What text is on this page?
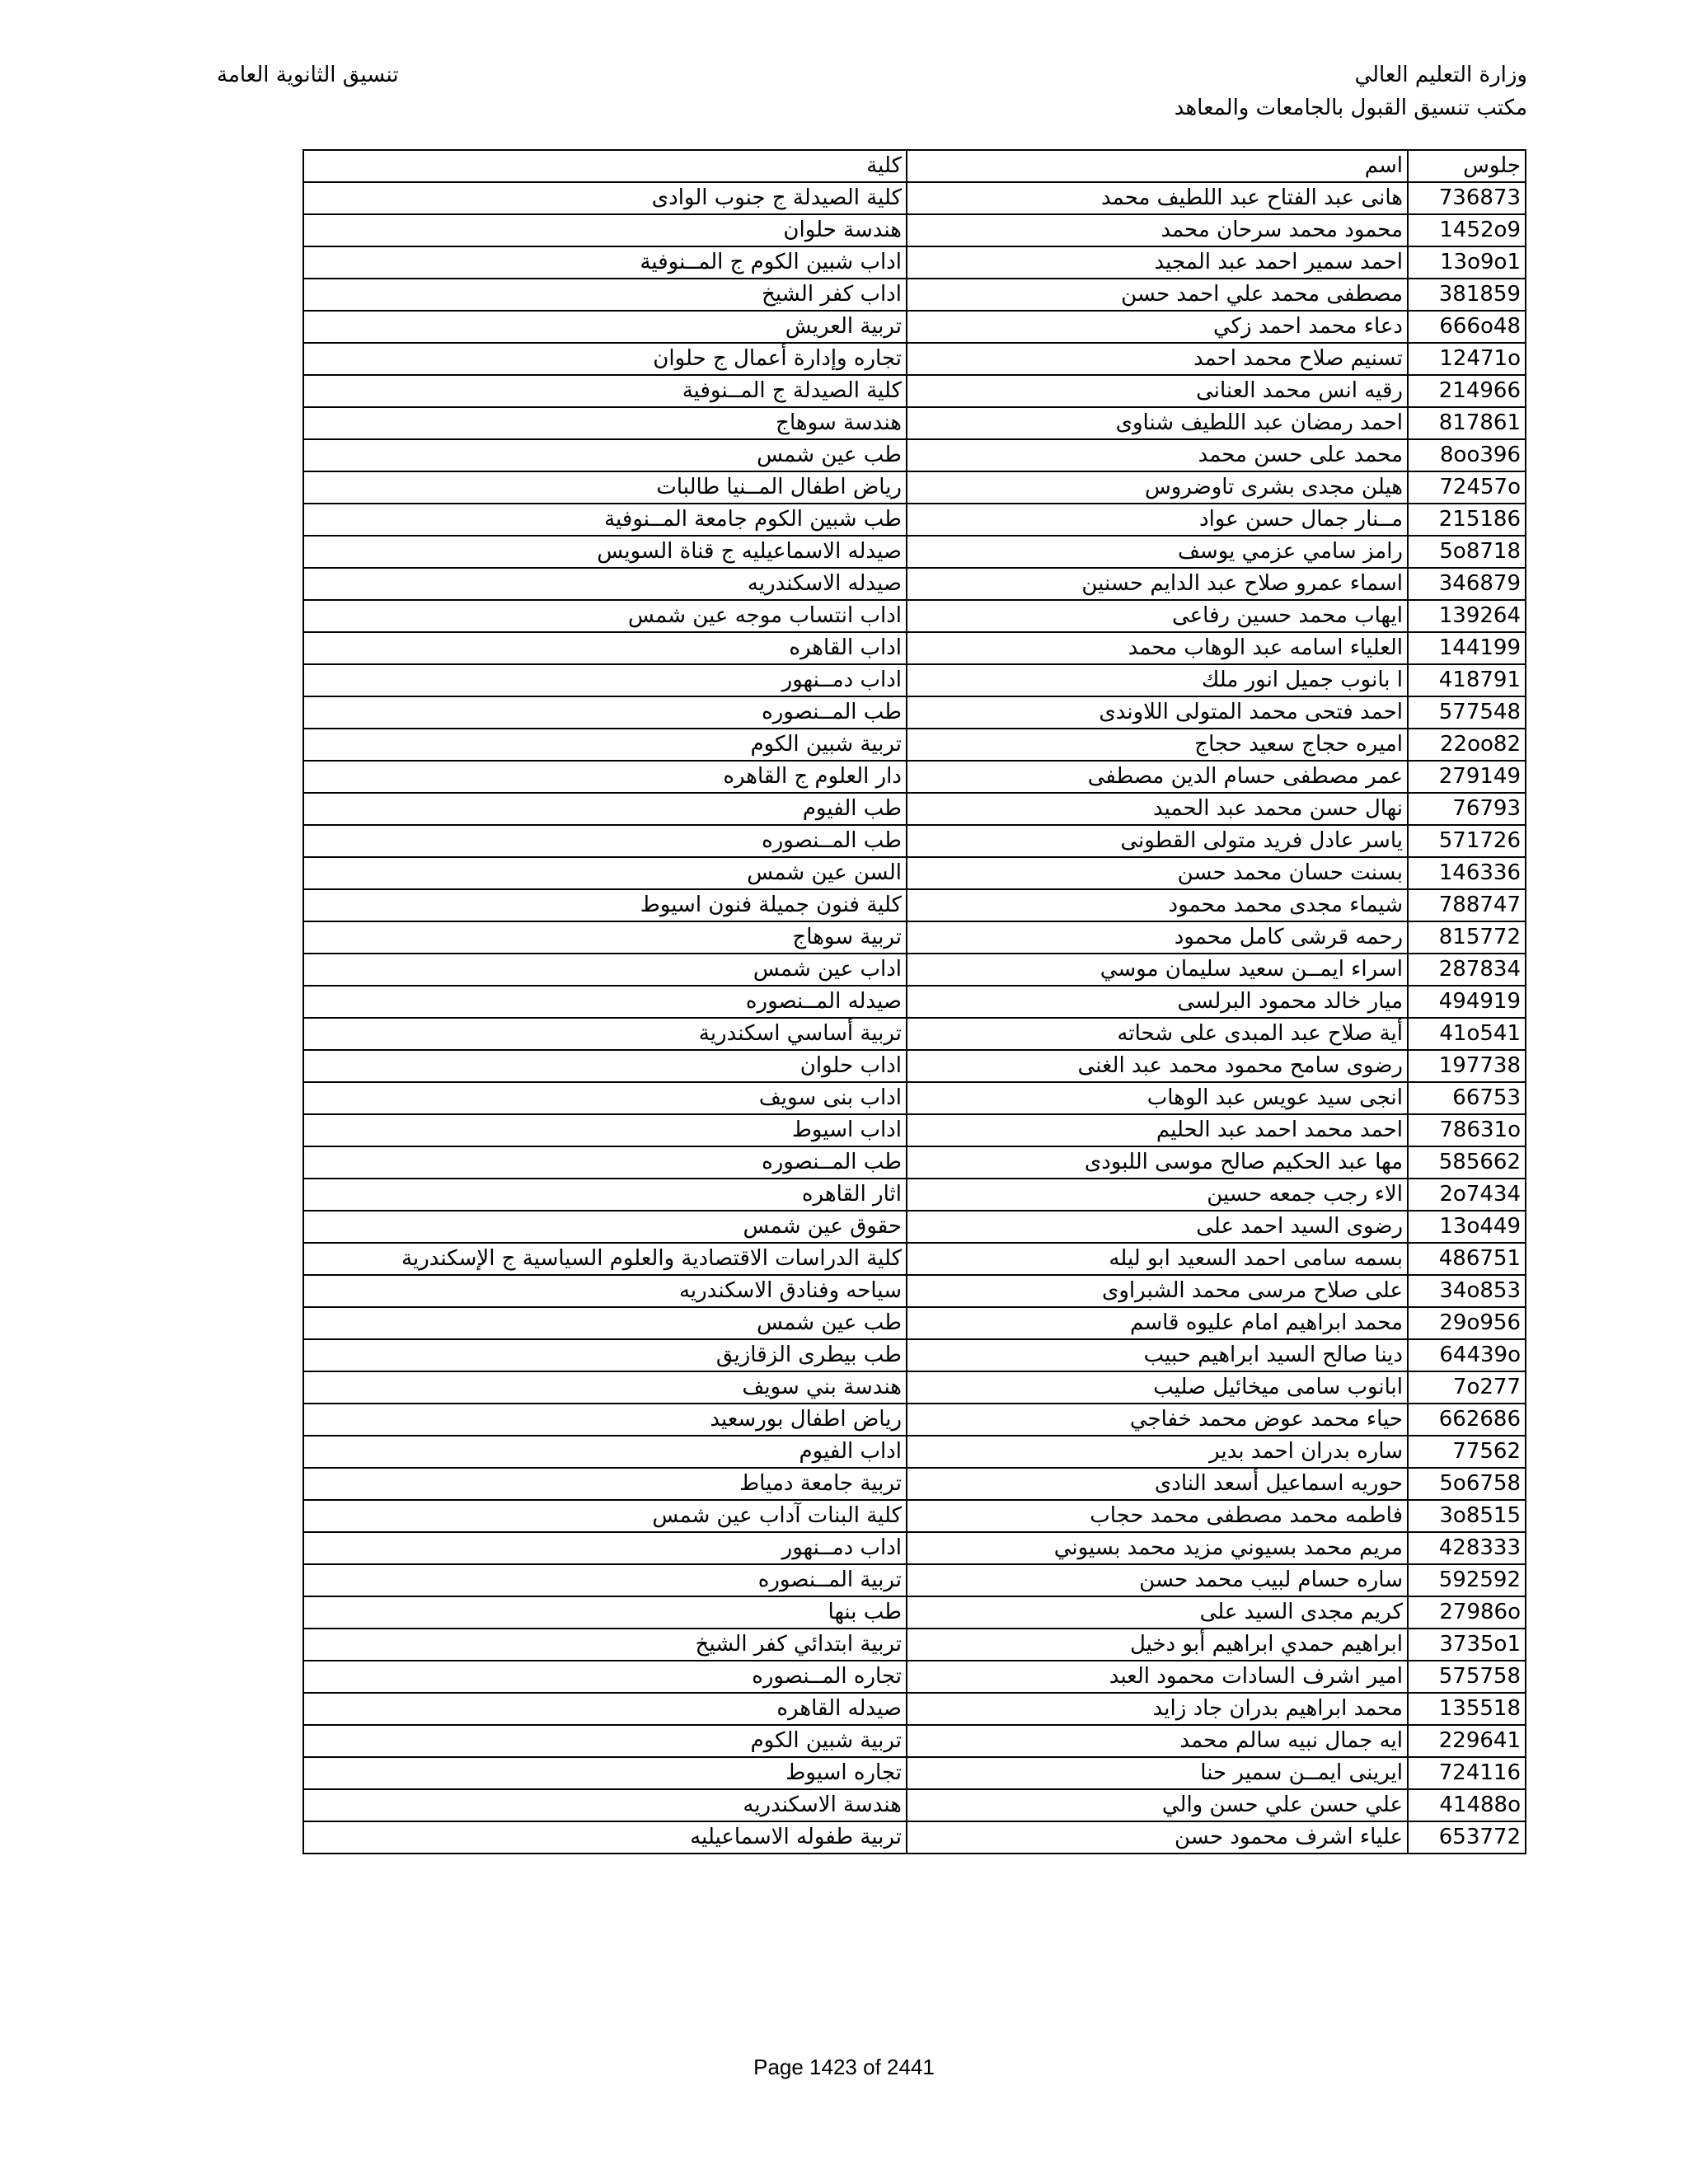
وزارة التعليم العالي
مكتب تنسيق القبول بالجامعات والمعاهد
تنسيق الثانوية العامة
جلوس	اسم	كلية
736873	هانى عبد الفتاح عبد اللطيف محمد	كلية الصيدلة ج جنوب الوادى
1452o9	محمود محمد سرحان محمد	هندسة حلوان
13o9o1	احمد سمير احمد عبد المجيد	اداب شبين الكوم ج المــنوفية
381859	مصطفى محمد علي احمد حسن	اداب كفر الشيخ
666o48	دعاء محمد احمد زكي	تربية العريش
12471o	تسنيم صلاح محمد احمد	تجاره وإدارة أعمال ج حلوان
214966	رقيه انس محمد العنانى	كلية الصيدلة ج المــنوفية
817861	احمد رمضان عبد اللطيف شناوى	هندسة سوهاج
8oo396	محمد على حسن محمد	طب عين شمس
72457o	هيلن مجدى بشرى تاوضروس	رياض اطفال المــنيا طالبات
215186	مــنار جمال حسن عواد	طب شبين الكوم جامعة المــنوفية
5o8718	رامز سامي عزمي يوسف	صيدله الاسماعيليه ج قناة السويس
346879	اسماء عمرو صلاح عبد الدايم حسنين	صيدله الاسكندريه
139264	ايهاب محمد حسين رفاعى	اداب انتساب موجه عين شمس
144199	العلياء اسامه عبد الوهاب محمد	اداب القاهره
418791	ا بانوب جميل انور ملك	اداب دمــنهور
577548	احمد فتحى محمد المتولى اللاوندى	طب المــنصوره
22oo82	اميره حجاج سعيد حجاج	تربية شبين الكوم
279149	عمر مصطفى حسام الدين مصطفى	دار العلوم ج القاهره
76793	نهال حسن محمد عبد الحميد	طب الفيوم
571726	ياسر عادل فريد متولى القطونى	طب المــنصوره
146336	بسنت حسان محمد حسن	السن عين شمس
788747	شيماء مجدى محمد محمود	كلية فنون جميلة فنون اسيوط
815772	رحمه قرشى كامل محمود	تربية سوهاج
287834	اسراء ايمــن سعيد سليمان موسي	اداب عين شمس
494919	ميار خالد محمود البرلسى	صيدله المــنصوره
41o541	أية صلاح عبد المبدى على شحاته	تربية أساسي اسكندرية
197738	رضوى سامح محمود محمد عبد الغنى	اداب حلوان
66753	انجى سيد عويس عبد الوهاب	اداب بنى سويف
78631o	احمد محمد احمد عبد الحليم	اداب اسيوط
585662	مها عبد الحكيم صالح موسى اللبودى	طب المــنصوره
2o7434	الاء رجب جمعه حسين	اثار القاهره
13o449	رضوى السيد احمد على	حقوق عين شمس
486751	بسمه سامى احمد السعيد ابو ليله	كلية الدراسات الاقتصادية والعلوم السياسية ج الإسكندرية
34o853	على صلاح مرسى محمد الشبراوى	سياحه وفنادق الاسكندريه
29o956	محمد ابراهيم امام عليوه قاسم	طب عين شمس
64439o	دينا صالح السيد ابراهيم حبيب	طب بيطرى الزقازيق
7o277	ابانوب سامى ميخائيل صليب	هندسة بني سويف
662686	حياء محمد عوض محمد خفاجي	رياض اطفال بورسعيد
77562	ساره بدران احمد بدير	اداب الفيوم
5o6758	حوريه اسماعيل أسعد النادى	تربية جامعة دمياط
3o8515	فاطمه محمد مصطفى محمد حجاب	كلية البنات آداب عين شمس
428333	مريم محمد بسيوني مزيد محمد بسيوني	اداب دمــنهور
592592	ساره حسام لبيب محمد حسن	تربية المــنصوره
27986o	كريم مجدى السيد على	طب بنها
3735o1	ابراهيم حمدي ابراهيم أبو دخيل	تربية ابتدائي كفر الشيخ
575758	امير اشرف السادات محمود العبد	تجاره المــنصوره
135518	محمد ابراهيم بدران جاد زايد	صيدله القاهره
229641	ايه جمال نبيه سالم محمد	تربية شبين الكوم
724116	ايرينى ايمــن سمير حنا	تجاره اسيوط
41488o	علي حسن علي حسن والي	هندسة الاسكندريه
653772	علياء اشرف محمود حسن	تربية طفوله الاسماعيليه
Page 1423 of 2441
